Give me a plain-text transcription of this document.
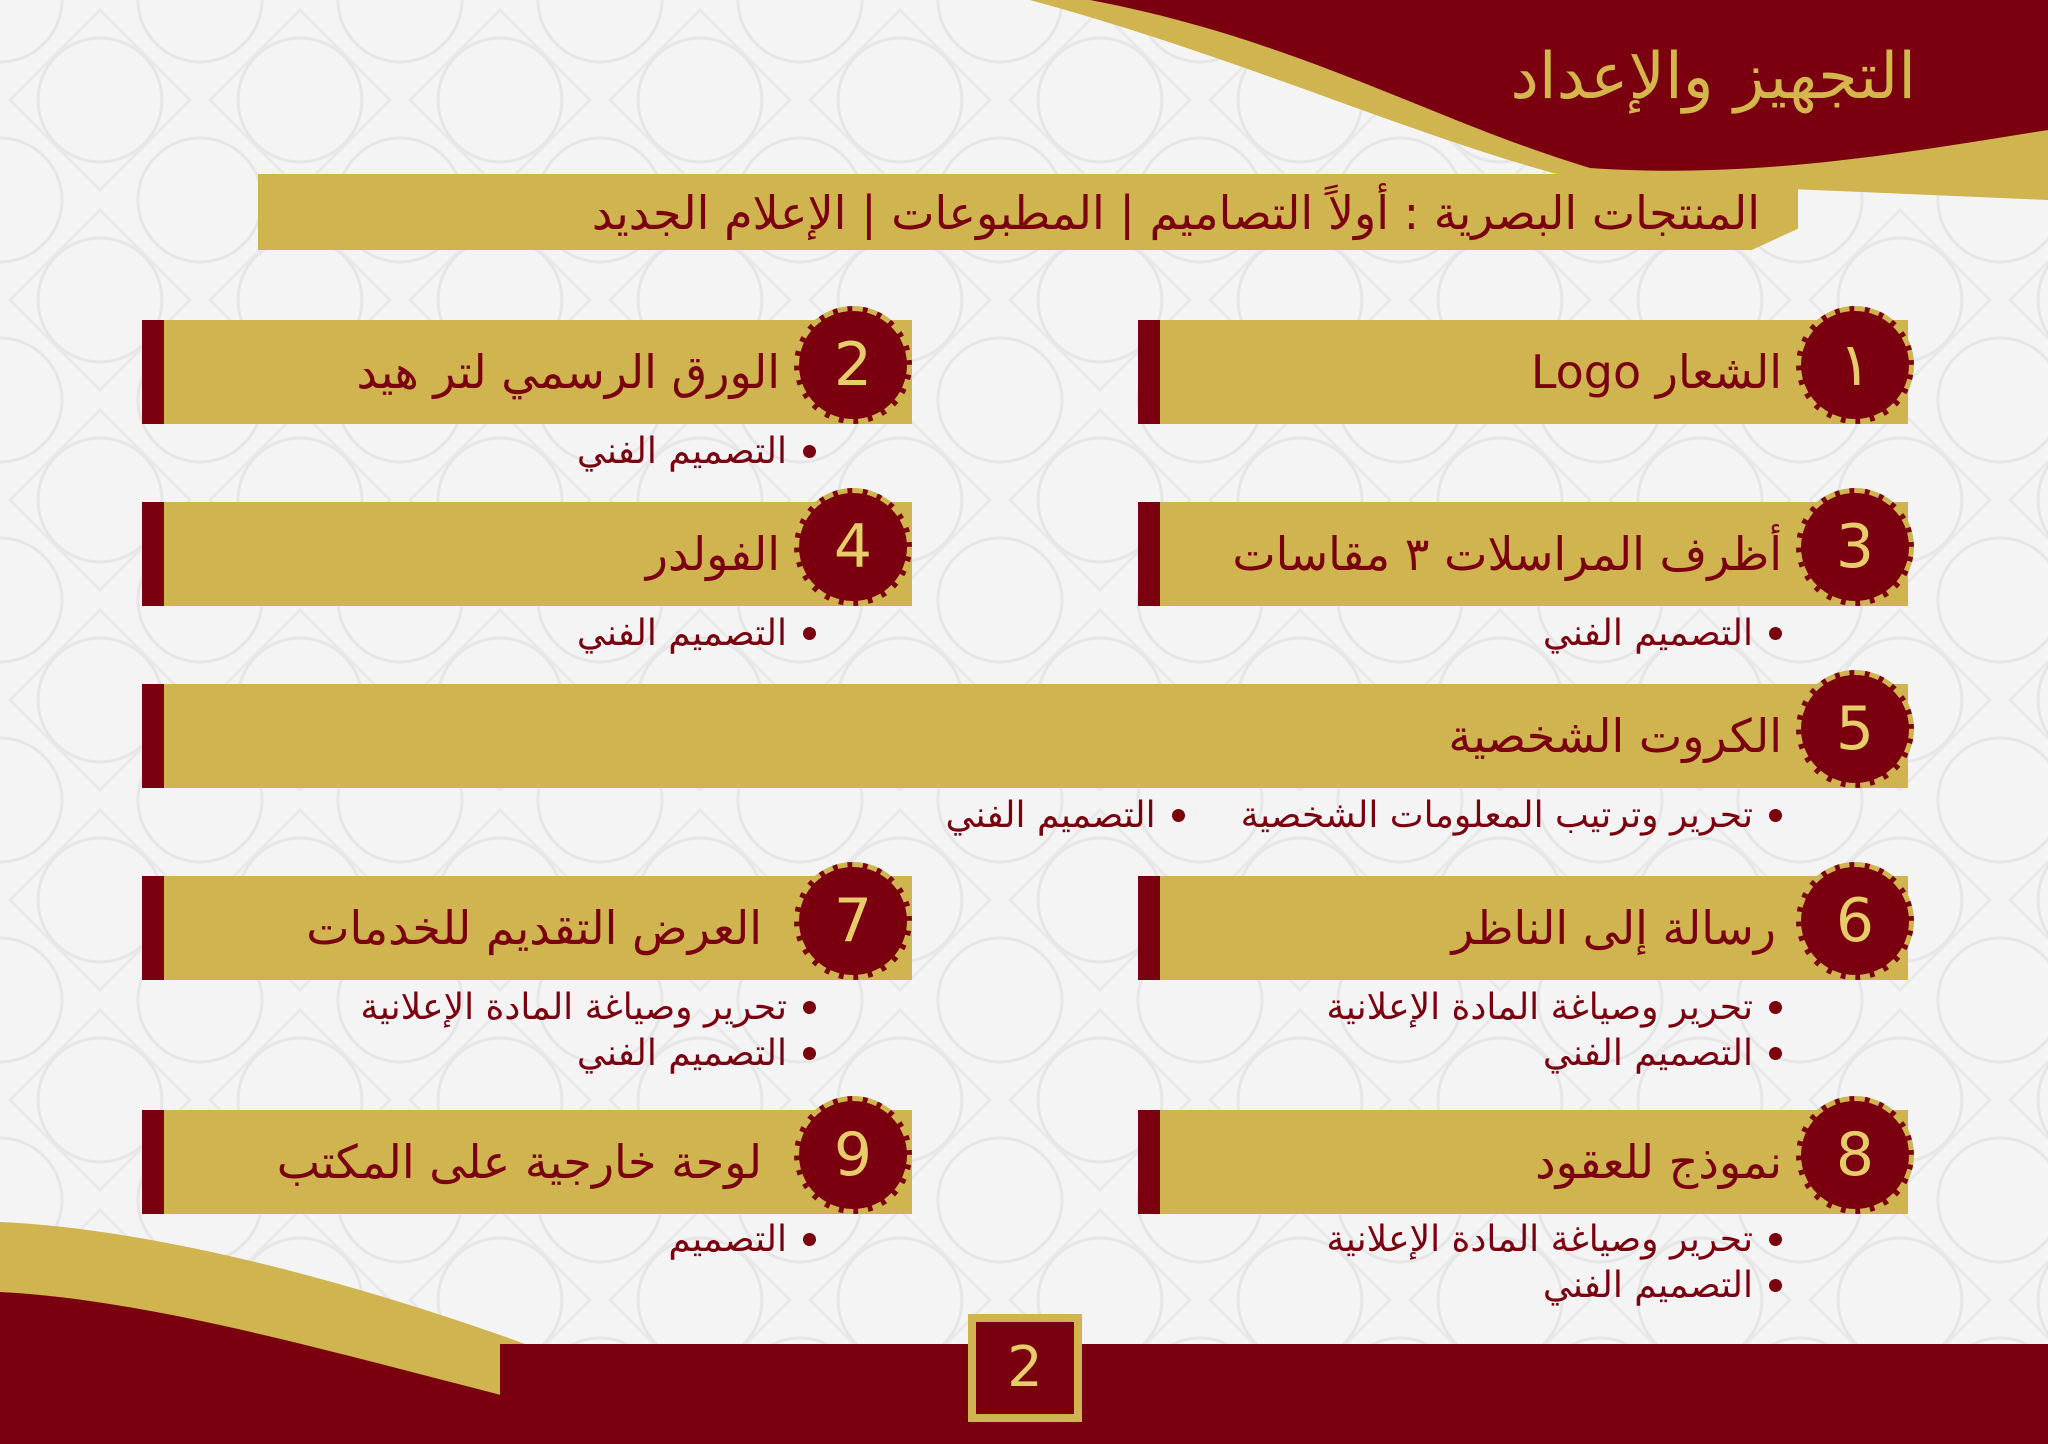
التجهيز والإعداد
المنتجات البصرية : أولاً التصاميم | المطبوعات | الإعلام الجديد
الشعار Logo ١
الورق الرسمي لتر هيد 2
التصميم الفني
أظرف المراسلات ٣ مقاسات 3
التصميم الفني
الفولدر 4
التصميم الفني
الكروت الشخصية 5
تحرير وترتيب المعلومات الشخصية
التصميم الفني
رسالة إلى الناظر 6
تحرير وصياغة المادة الإعلانية
التصميم الفني
العرض التقديم للخدمات	7
تحرير وصياغة المادة الإعلانية
التصميم الفني
نموذج للعقود 8
تحرير وصياغة المادة الإعلانية
التصميم الفني
لوحة خارجية على المكتب	9
التصميم
2
